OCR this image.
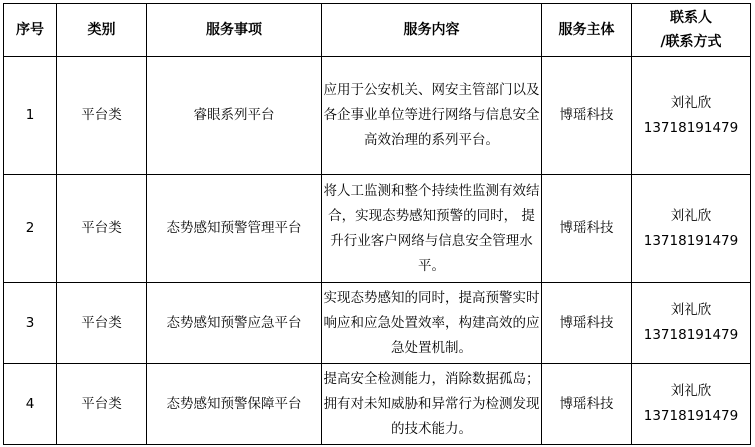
序号	类别	服务事项	服务内容	服务主体	联系人
/联系方式

1	平台类	睿眼系列平台	应用于公安机关、网安主管部门以及各企事业单位等进行网络与信息安全高效治理的系列平台。	博瑶科技	刘礼欣
13718191479

2	平台类	态势感知预警管理平台	将人工监测和整个持续性监测有效结合，实现态势感知预警的同时， 提升行业客户网络与信息安全管理水平。	博瑶科技	刘礼欣
13718191479

3	平台类	态势感知预警应急平台	实现态势感知的同时，提高预警实时响应和应急处置效率，构建高效的应急处置机制。	博瑶科技	刘礼欣
13718191479

4	平台类	态势感知预警保障平台	提高安全检测能力，消除数据孤岛；拥有对未知威胁和异常行为检测发现的技术能力。	博瑶科技	刘礼欣
13718191479
